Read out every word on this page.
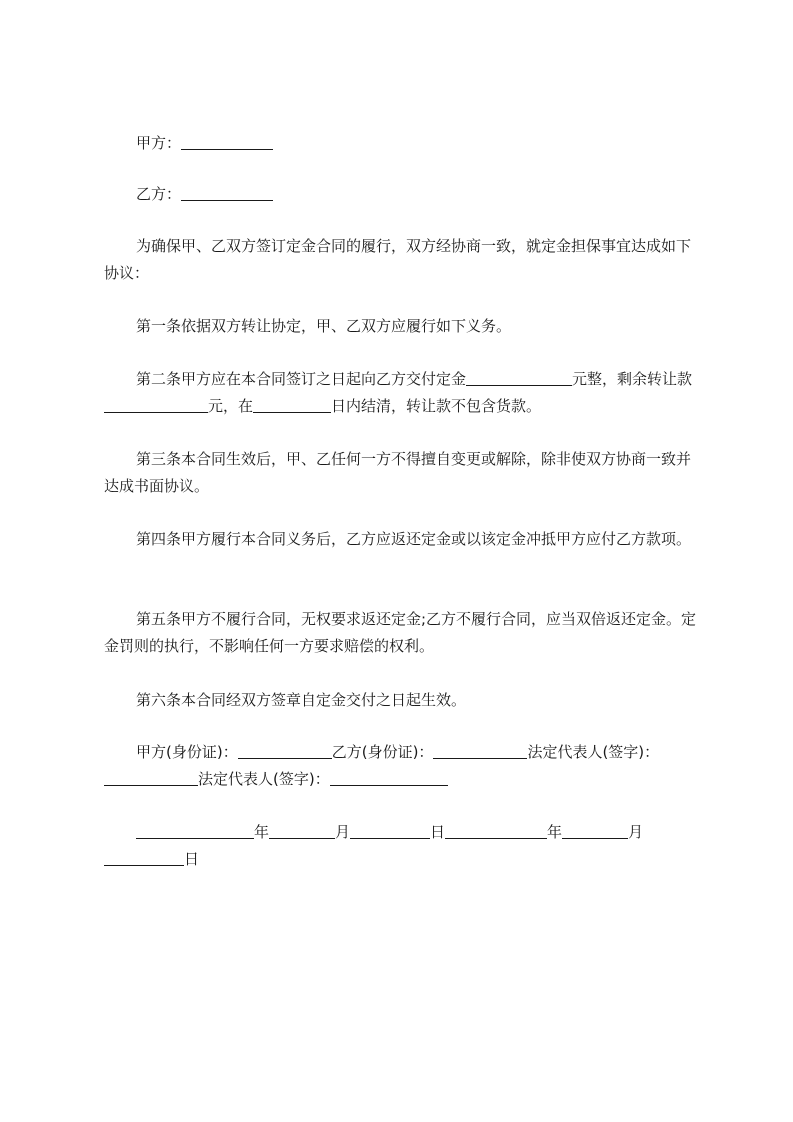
甲方：

乙方：

为确保甲、乙双方签订定金合同的履行，双方经协商一致，就定金担保事宜达成如下协议：

第一条依据双方转让协定，甲、乙双方应履行如下义务。

第二条甲方应在本合同签订之日起向乙方交付定金	元整，剩余转让款元，在	日内结清，转让款不包含货款。

第三条本合同生效后，甲、乙任何一方不得擅自变更或解除，除非使双方协商一致并达成书面协议。

第四条甲方履行本合同义务后，乙方应返还定金或以该定金冲抵甲方应付乙方款项。

第五条甲方不履行合同，无权要求返还定金;乙方不履行合同，应当双倍返还定金。定金罚则的执行，不影响任何一方要求赔偿的权利。

第六条本合同经双方签章自定金交付之日起生效。

甲方(身份证)：	乙方(身份证)：	法定代表人(签字)：法定代表人(签字)：

年	月	日	年	月日
